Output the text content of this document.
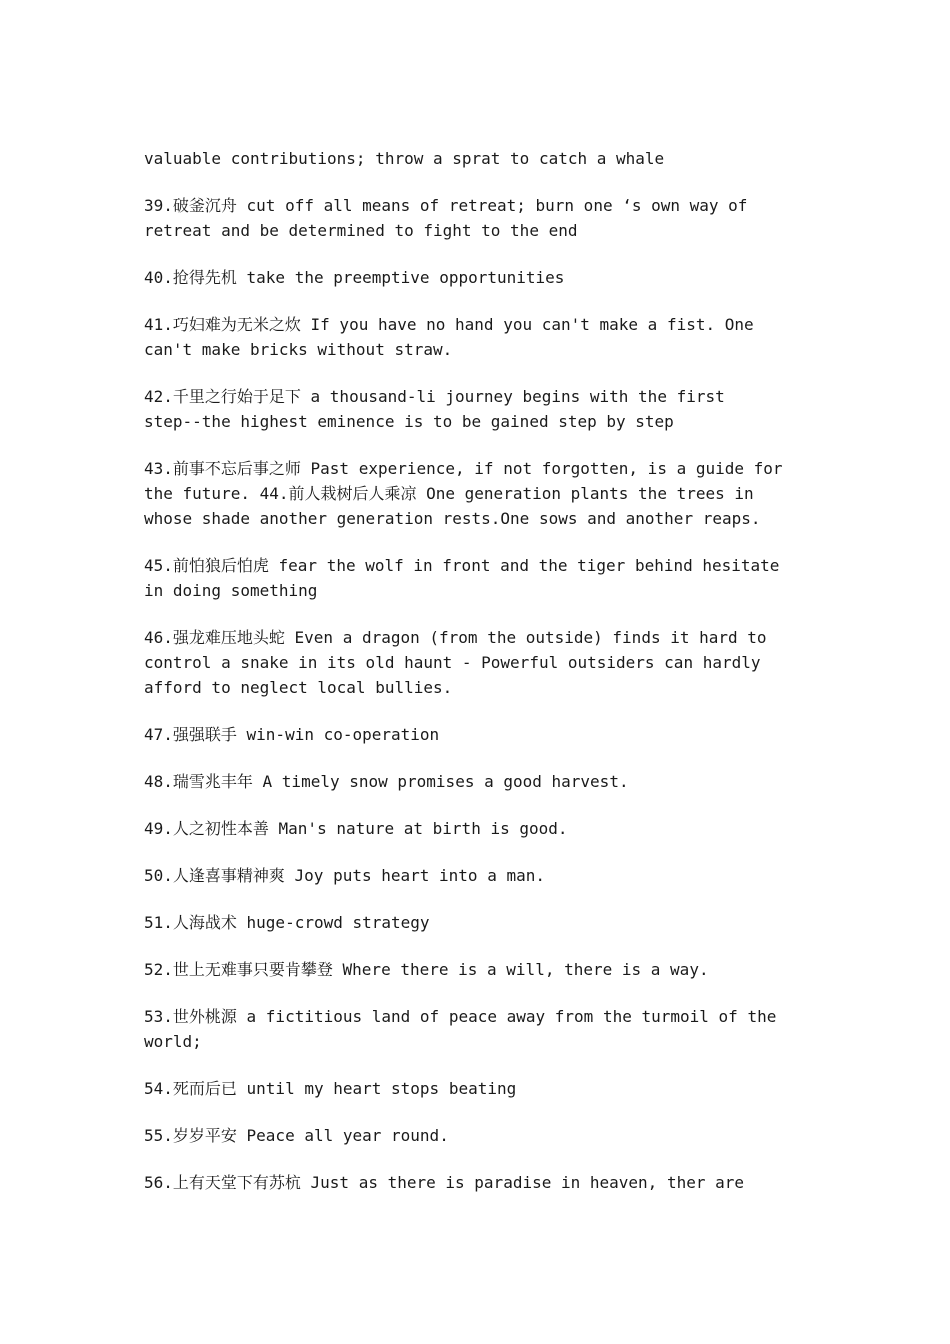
valuable contributions; throw a sprat to catch a whale

39.破釜沉舟 cut off all means of retreat; burn one ‘s own way of
retreat and be determined to fight to the end

40.抢得先机 take the preemptive opportunities

41.巧妇难为无米之炊 If you have no hand you can't make a fist. One
can't make bricks without straw.

42.千里之行始于足下 a thousand-li journey begins with the first
step--the highest eminence is to be gained step by step

43.前事不忘后事之师 Past experience, if not forgotten, is a guide for
the future. 44.前人栽树后人乘凉 One generation plants the trees in
whose shade another generation rests.One sows and another reaps.

45.前怕狼后怕虎 fear the wolf in front and the tiger behind hesitate
in doing something

46.强龙难压地头蛇 Even a dragon (from the outside) finds it hard to
control a snake in its old haunt - Powerful outsiders can hardly
afford to neglect local bullies.

47.强强联手 win-win co-operation

48.瑞雪兆丰年 A timely snow promises a good harvest.

49.人之初性本善 Man's nature at birth is good.

50.人逢喜事精神爽 Joy puts heart into a man.

51.人海战术 huge-crowd strategy

52.世上无难事只要肯攀登 Where there is a will, there is a way.

53.世外桃源 a fictitious land of peace away from the turmoil of the
world;

54.死而后已 until my heart stops beating

55.岁岁平安 Peace all year round.

56.上有天堂下有苏杭 Just as there is paradise in heaven, ther are
